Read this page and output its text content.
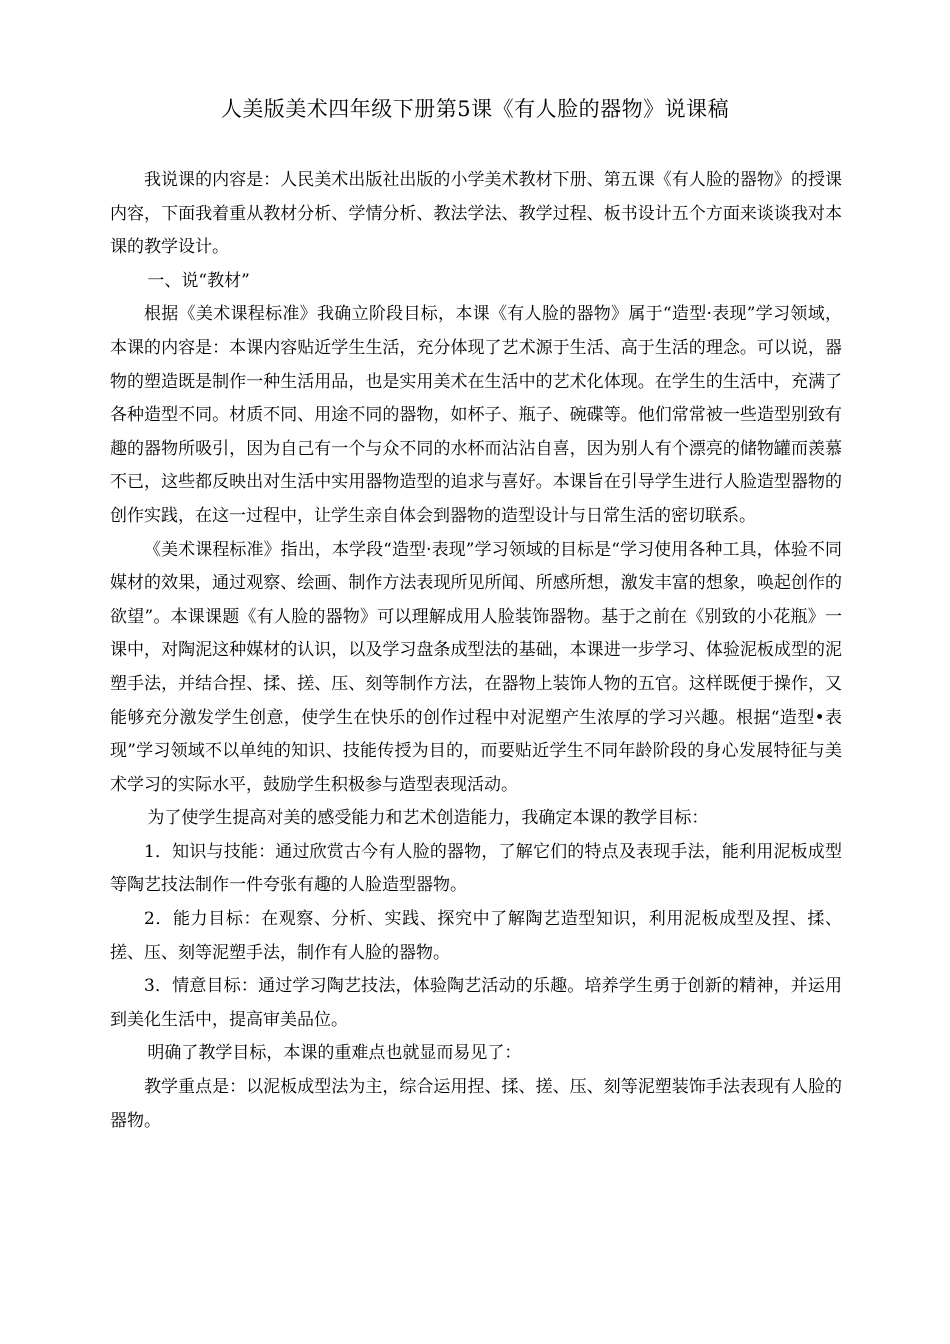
人美版美术四年级下册第5课《有人脸的器物》说课稿

我说课的内容是：人民美术出版社出版的小学美术教材下册、第五课《有人脸的器物》的授课内容，下面我着重从教材分析、学情分析、教法学法、教学过程、板书设计五个方面来谈谈我对本课的教学设计。

一、说“教材”

根据《美术课程标准》我确立阶段目标，本课《有人脸的器物》属于“造型·表现”学习领域，本课的内容是：本课内容贴近学生生活，充分体现了艺术源于生活、高于生活的理念。可以说，器物的塑造既是制作一种生活用品，也是实用美术在生活中的艺术化体现。在学生的生活中，充满了各种造型不同。材质不同、用途不同的器物，如杯子、瓶子、碗碟等。他们常常被一些造型别致有趣的器物所吸引，因为自己有一个与众不同的水杯而沾沾自喜，因为别人有个漂亮的储物罐而羡慕不已，这些都反映出对生活中实用器物造型的追求与喜好。本课旨在引导学生进行人脸造型器物的创作实践，在这一过程中，让学生亲自体会到器物的造型设计与日常生活的密切联系。

《美术课程标准》指出，本学段“造型·表现”学习领域的目标是“学习使用各种工具，体验不同媒材的效果，通过观察、绘画、制作方法表现所见所闻、所感所想，激发丰富的想象，唤起创作的欲望”。本课课题《有人脸的器物》可以理解成用人脸装饰器物。基于之前在《别致的小花瓶》一课中，对陶泥这种媒材的认识，以及学习盘条成型法的基础，本课进一步学习、体验泥板成型的泥塑手法，并结合捏、揉、搓、压、刻等制作方法，在器物上装饰人物的五官。这样既便于操作，又能够充分激发学生创意，使学生在快乐的创作过程中对泥塑产生浓厚的学习兴趣。根据“造型•表现”学习领域不以单纯的知识、技能传授为目的，而要贴近学生不同年龄阶段的身心发展特征与美术学习的实际水平，鼓励学生积极参与造型表现活动。

为了使学生提高对美的感受能力和艺术创造能力，我确定本课的教学目标：

1．知识与技能：通过欣赏古今有人脸的器物，了解它们的特点及表现手法，能利用泥板成型等陶艺技法制作一件夸张有趣的人脸造型器物。

2．能力目标：在观察、分析、实践、探究中了解陶艺造型知识，利用泥板成型及捏、揉、搓、压、刻等泥塑手法，制作有人脸的器物。

3．情意目标：通过学习陶艺技法，体验陶艺活动的乐趣。培养学生勇于创新的精神，并运用到美化生活中，提高审美品位。

明确了教学目标，本课的重难点也就显而易见了：

教学重点是：以泥板成型法为主，综合运用捏、揉、搓、压、刻等泥塑装饰手法表现有人脸的器物。
